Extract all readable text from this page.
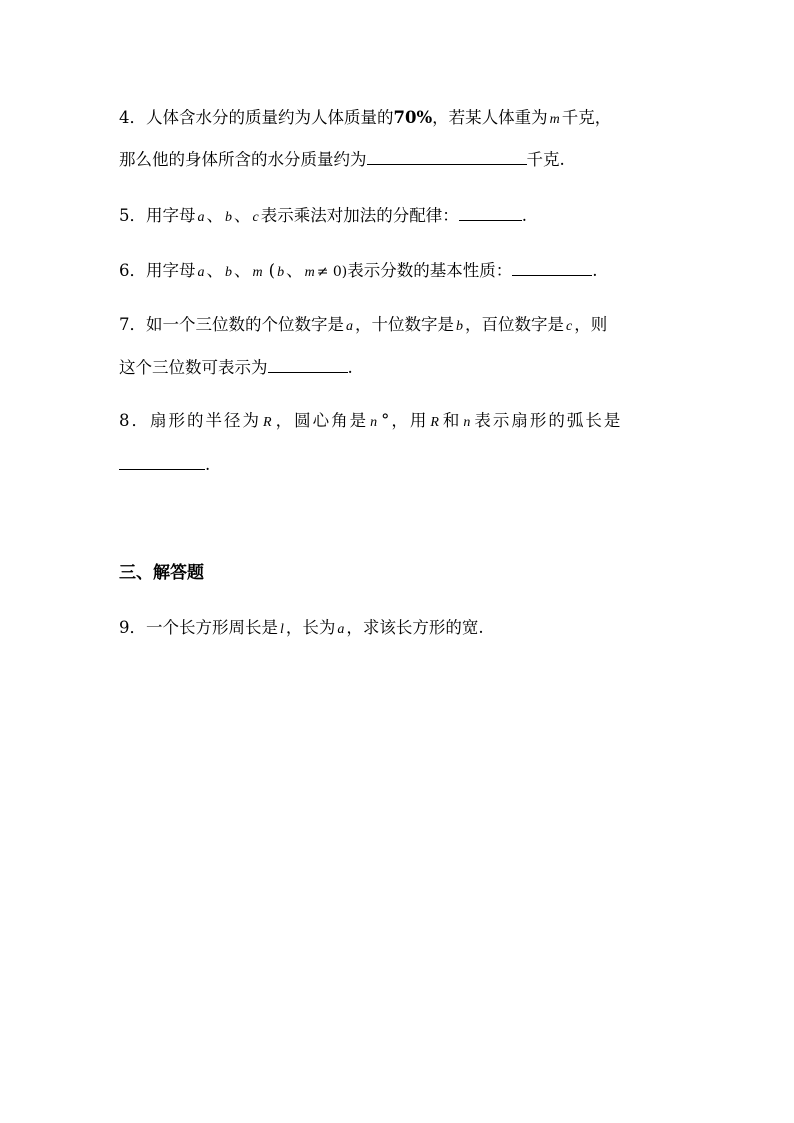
4．人体含水分的质量约为人体质量的70%，若某人体重为 m 千克，
那么他的身体所含的水分质量约为	千克.
5．用字母 a 、 b 、 c 表示乘法对加法的分配律：	.
6．用字母 a 、 b 、 m ( b 、 m ≠ 0)表示分数的基本性质：	.
7．如一个三位数的个位数字是 a ，十位数字是 b ，百位数字是 c ，则
这个三位数可表示为	.
8．扇形的半径为 R ，圆心角是 n °，用 R 和 n 表示扇形的弧长是
.
三、解答题
9．一个长方形周长是 l ，长为 a ，求该长方形的宽.
